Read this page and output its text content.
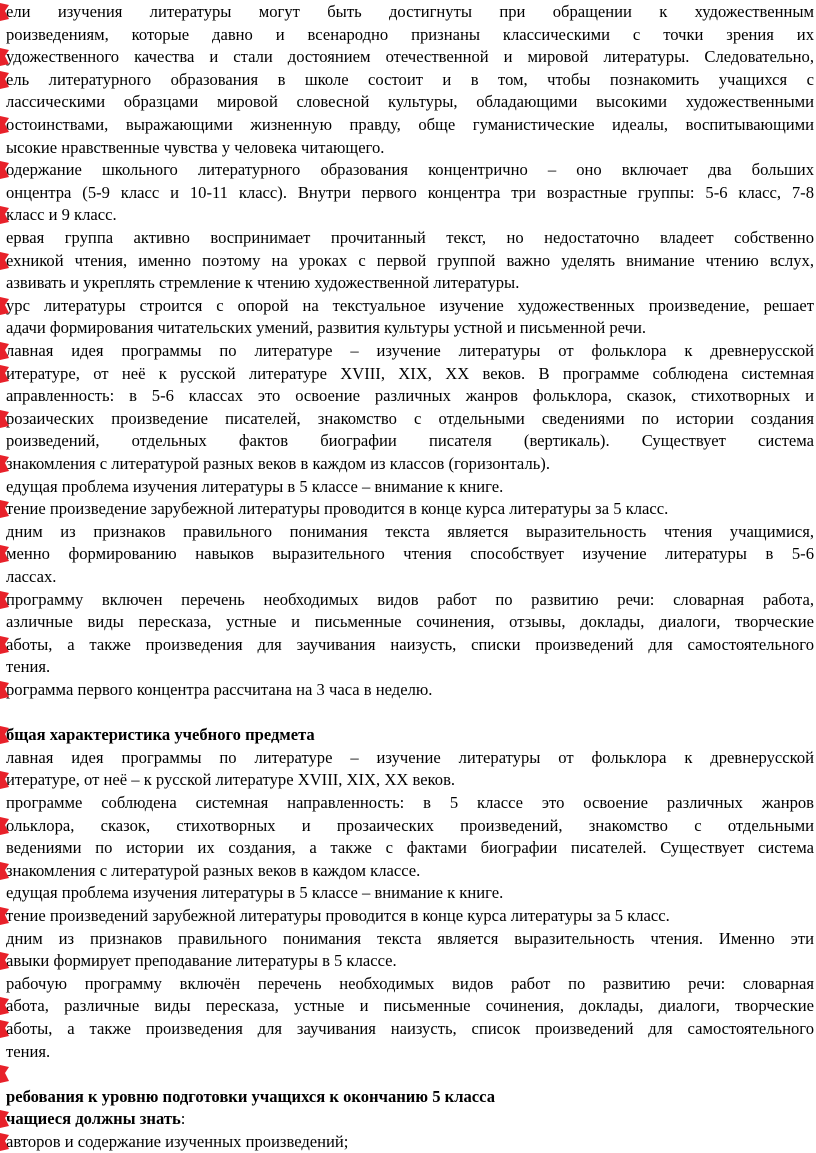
ели изучения литературы могут быть достигнуты при обращении к художественным
роизведениям, которые давно и всенародно признаны классическими с точки зрения их
удожественного качества и стали достоянием отечественной и мировой литературы. Следовательно,
ель литературного образования в школе состоит и в том, чтобы познакомить учащихся с
лассическими образцами мировой словесной культуры, обладающими высокими художественными
остоинствами, выражающими жизненную правду, обще гуманистические идеалы, воспитывающими
ысокие нравственные чувства у человека читающего.
одержание школьного литературного образования концентрично – оно включает два больших
онцентра (5-9 класс и 10-11 класс). Внутри первого концентра три возрастные группы: 5-6 класс, 7-8
класс и 9 класс.
ервая группа активно воспринимает прочитанный текст, но недостаточно владеет собственно
ехникой чтения, именно поэтому на уроках с первой группой важно уделять внимание чтению вслух,
азвивать и укреплять стремление к чтению художественной литературы.
урс литературы строится с опорой на текстуальное изучение художественных произведение, решает
адачи формирования читательских умений, развития культуры устной и письменной речи.
лавная идея программы по литературе – изучение литературы от фольклора к древнерусской
итературе, от неё к русской литературе XVIII, XIX, XX веков. В программе соблюдена системная
аправленность: в 5-6 классах это освоение различных жанров фольклора, сказок, стихотворных и
розаических произведение писателей, знакомство с отдельными сведениями по истории создания
роизведений, отдельных фактов биографии писателя (вертикаль). Существует система
знакомления с литературой разных веков в каждом из классов (горизонталь).
едущая проблема изучения литературы в 5 классе – внимание к книге.
тение произведение зарубежной литературы проводится в конце курса литературы за 5 класс.
дним из признаков правильного понимания текста является выразительность чтения учащимися,
менно формированию навыков выразительного чтения способствует изучение литературы в 5-6
лассах.
программу включен перечень необходимых видов работ по развитию речи: словарная работа,
азличные виды пересказа, устные и письменные сочинения, отзывы, доклады, диалоги, творческие
аботы, а также произведения для заучивания наизусть, списки произведений для самостоятельного
тения.
рограмма первого концентра рассчитана на 3 часа в неделю.
бщая характеристика учебного предмета
лавная идея программы по литературе – изучение литературы от фольклора к древнерусской
итературе, от неё – к русской литературе XVIII, XIX, XX веков.
программе соблюдена системная направленность: в 5 классе это освоение различных жанров
ольклора, сказок, стихотворных и прозаических произведений, знакомство с отдельными
ведениями по истории их создания, а также с фактами биографии писателей. Существует система
знакомления с литературой разных веков в каждом классе.
едущая проблема изучения литературы в 5 классе – внимание к книге.
тение произведений зарубежной литературы проводится в конце курса литературы за 5 класс.
дним из признаков правильного понимания текста является выразительность чтения. Именно эти
авыки формирует преподавание литературы в 5 классе.
рабочую программу включён перечень необходимых видов работ по развитию речи: словарная
абота, различные виды пересказа, устные и письменные сочинения, доклады, диалоги, творческие
аботы, а также произведения для заучивания наизусть, список произведений для самостоятельного
тения.
ребования к уровню подготовки учащихся к окончанию 5 класса
чащиеся должны знать:
авторов и содержание изученных произведений;
